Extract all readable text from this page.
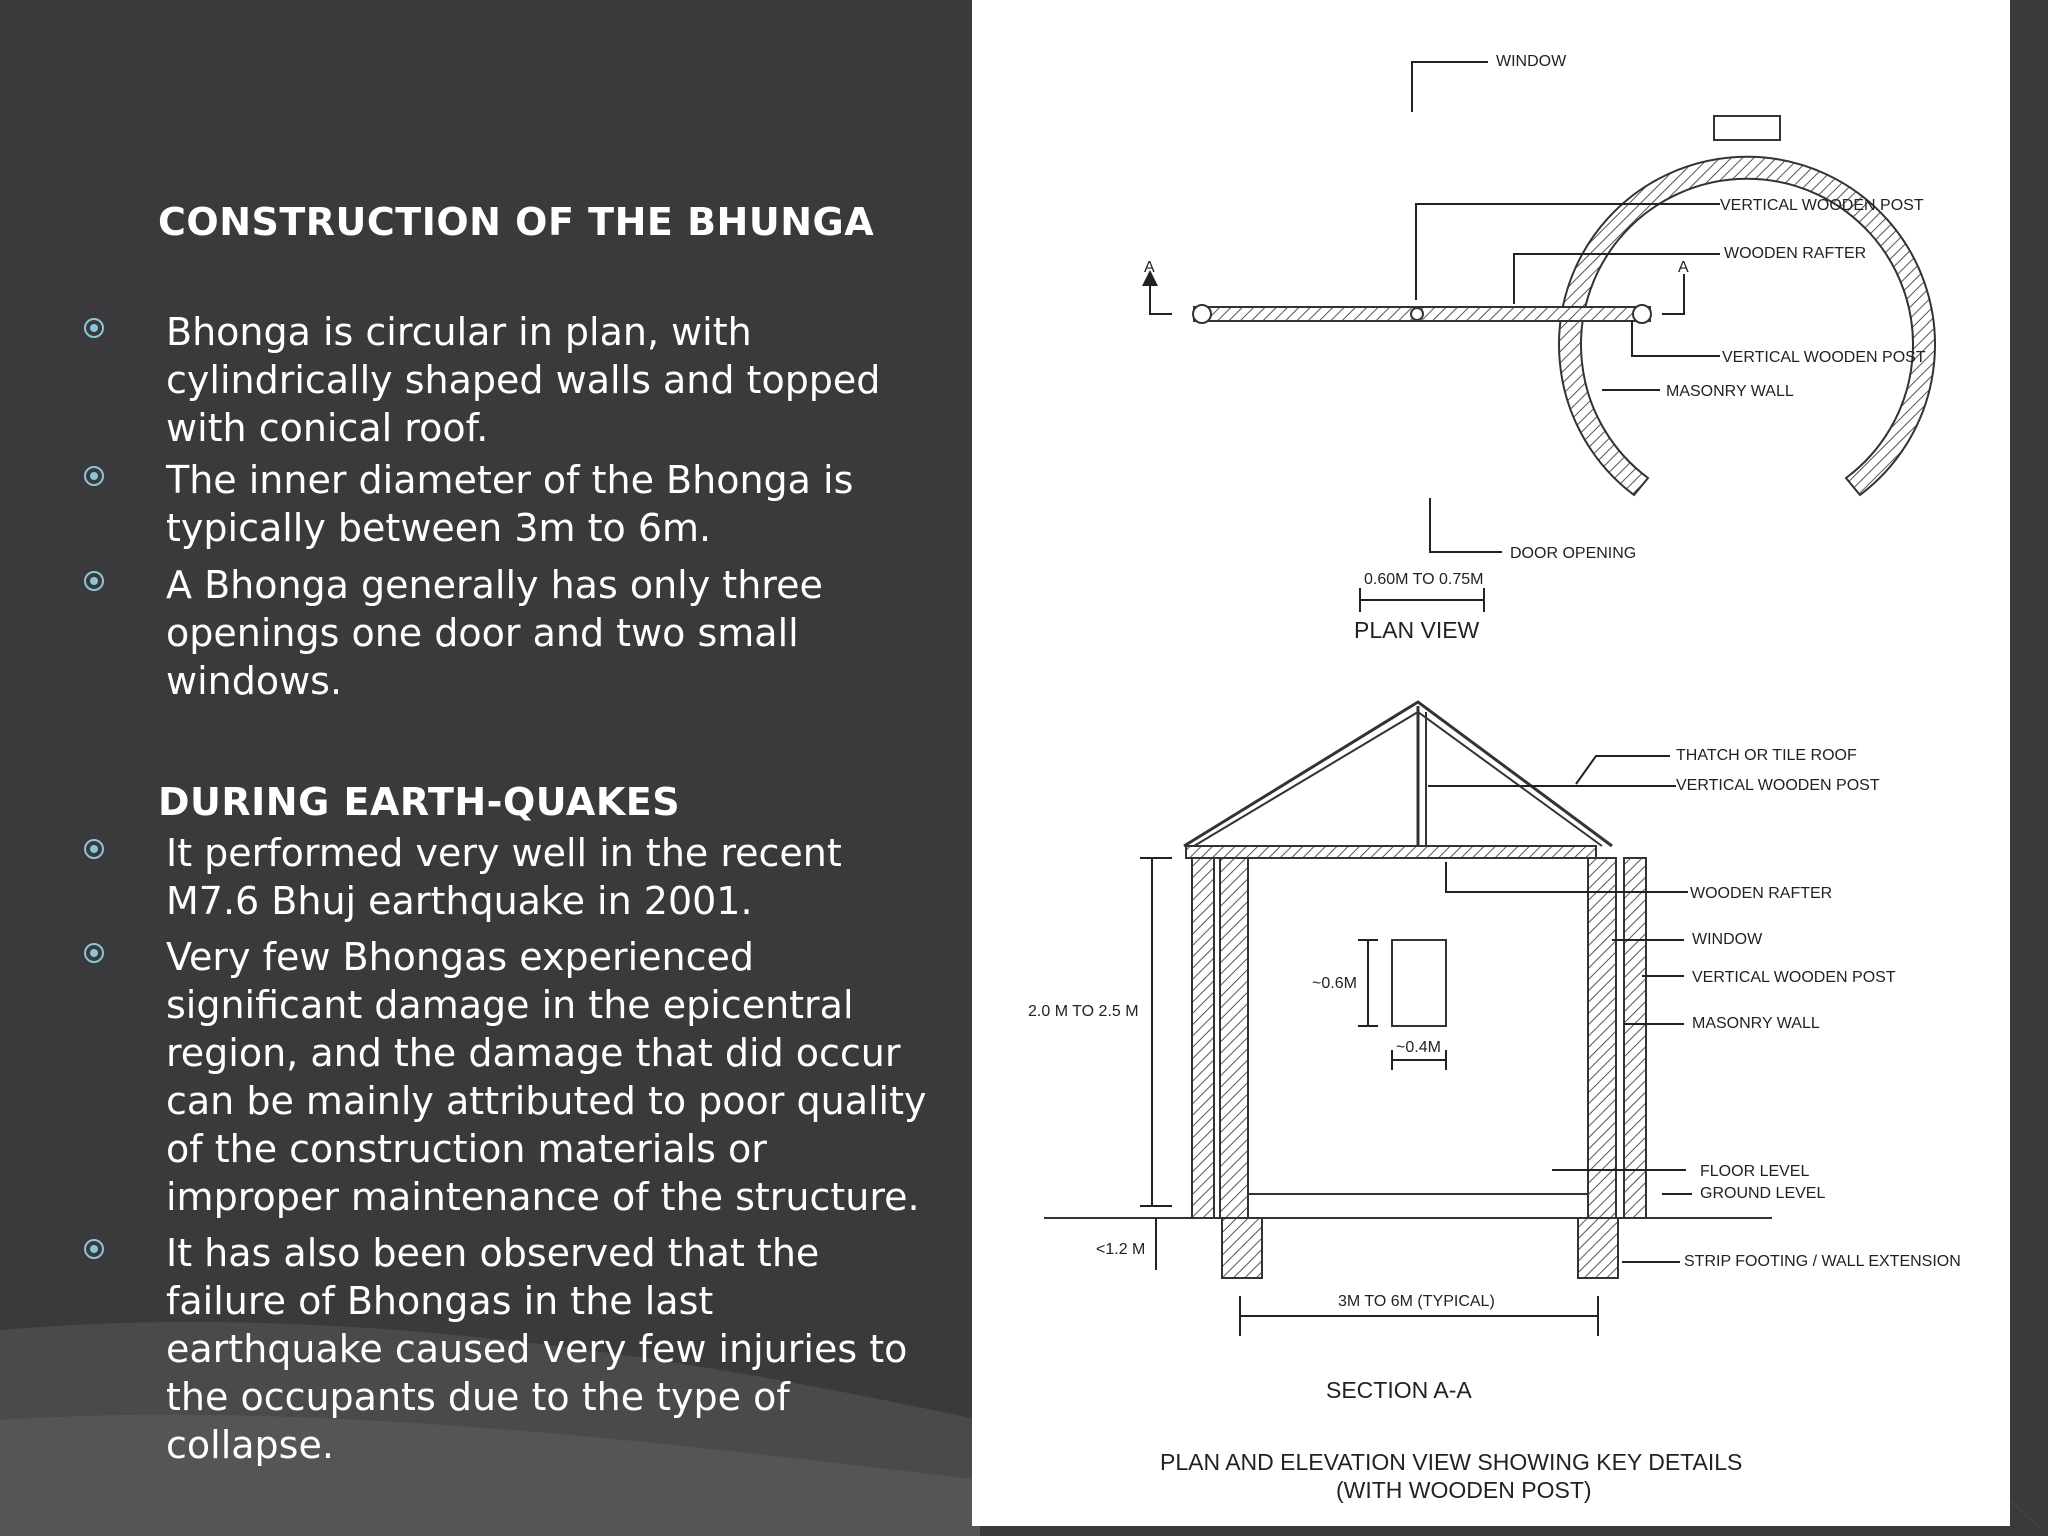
CONSTRUCTION OF THE BHUNGA
Bhonga is circular in plan, with
cylindrically shaped walls and topped
with conical roof.
The inner diameter of the Bhonga is
typically between 3m to 6m.
A Bhonga generally has only three
openings one door and two small
windows.
DURING EARTH-QUAKES
It performed very well in the recent
M7.6 Bhuj earthquake in 2001.
Very few Bhongas experienced
significant damage in the epicentral
region, and the damage that did occur
can be mainly attributed to poor quality
of the construction materials or
improper maintenance of the structure.
It has also been observed that the
failure of Bhongas in the last
earthquake caused very few injuries to
the occupants due to the type of
collapse.
A	A
WINDOW
VERTICAL WOODEN POST
WOODEN RAFTER
VERTICAL WOODEN POST
MASONRY WALL
DOOR OPENING
0.60M TO 0.75M
PLAN VIEW
2.0 M TO 2.5 M
~0.6M
~0.4M
<1.2 M
3M TO 6M (TYPICAL)
THATCH OR TILE ROOF
VERTICAL WOODEN POST
WOODEN RAFTER
WINDOW
VERTICAL WOODEN POST
MASONRY WALL
FLOOR LEVEL
GROUND LEVEL
STRIP FOOTING / WALL EXTENSION
SECTION A-A
PLAN AND ELEVATION VIEW SHOWING KEY DETAILS
(WITH WOODEN POST)
